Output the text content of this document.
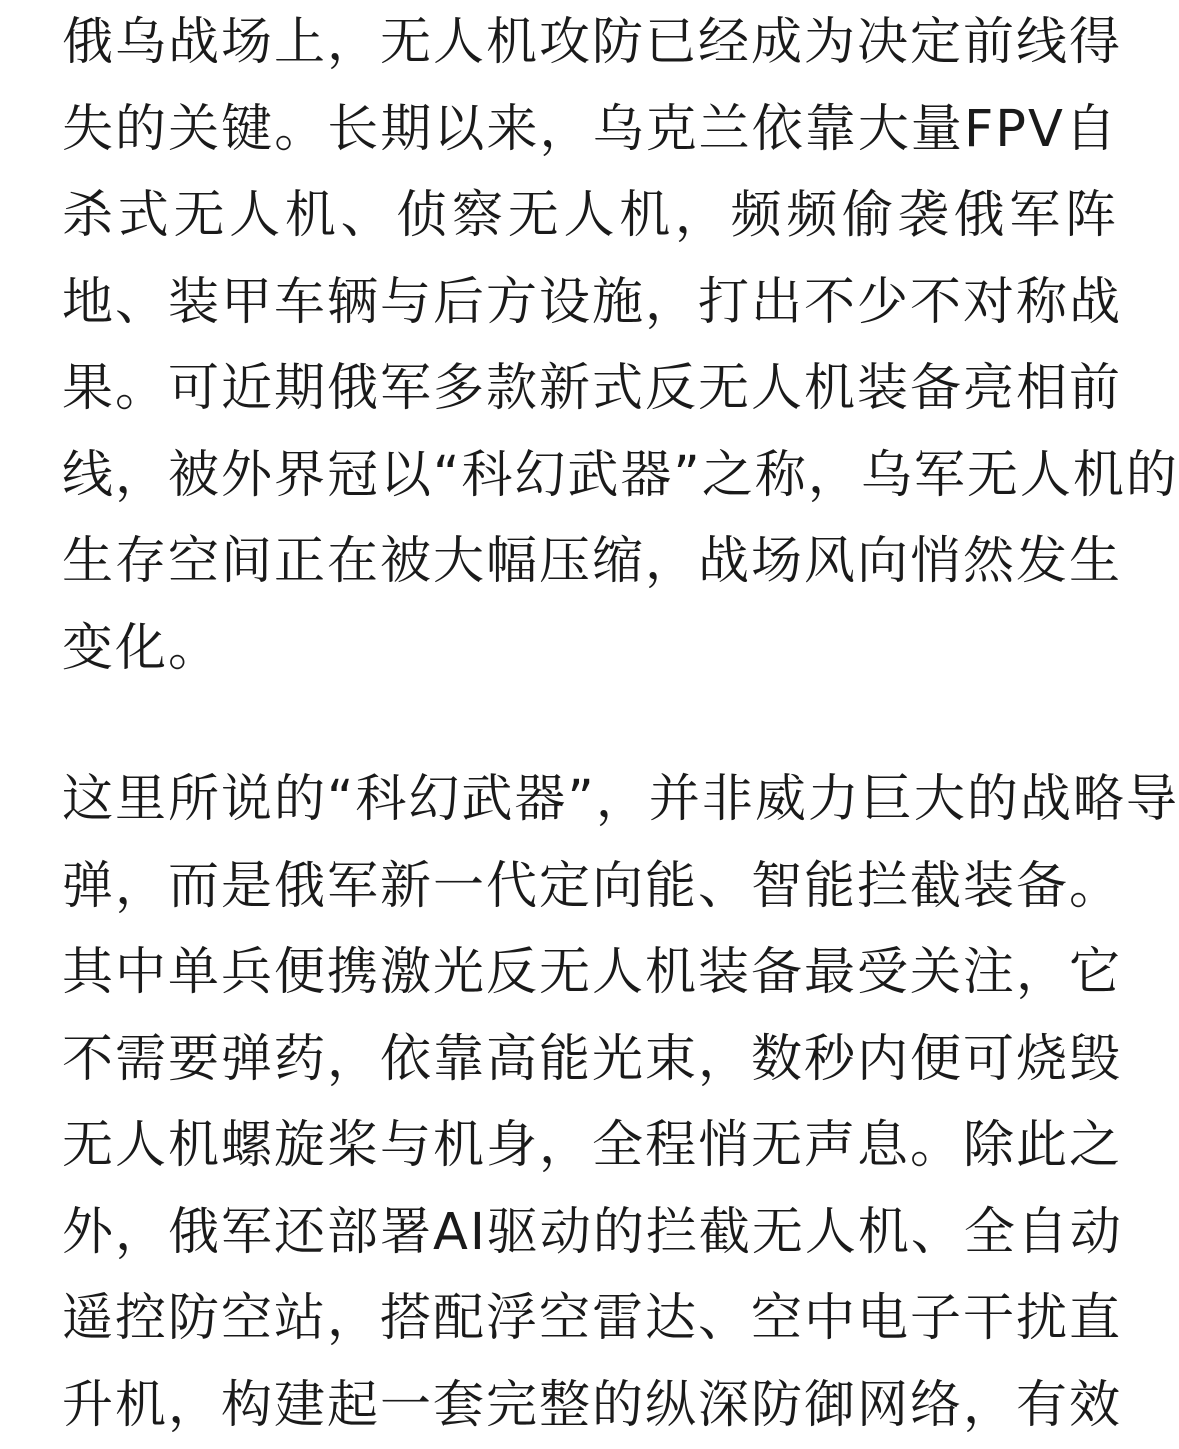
俄乌战场上，无人机攻防已经成为决定前线得
失的关键。长期以来，乌克兰依靠大量FPV自
杀式无人机、侦察无人机，频频偷袭俄军阵
地、装甲车辆与后方设施，打出不少不对称战
果。可近期俄军多款新式反无人机装备亮相前
线，被外界冠以“科幻武器”之称，乌军无人机的
生存空间正在被大幅压缩，战场风向悄然发生
变化。
这里所说的“科幻武器”，并非威力巨大的战略导
弹，而是俄军新一代定向能、智能拦截装备。
其中单兵便携激光反无人机装备最受关注，它
不需要弹药，依靠高能光束，数秒内便可烧毁
无人机螺旋桨与机身，全程悄无声息。除此之
外，俄军还部署AI驱动的拦截无人机、全自动
遥控防空站，搭配浮空雷达、空中电子干扰直
升机，构建起一套完整的纵深防御网络，有效
